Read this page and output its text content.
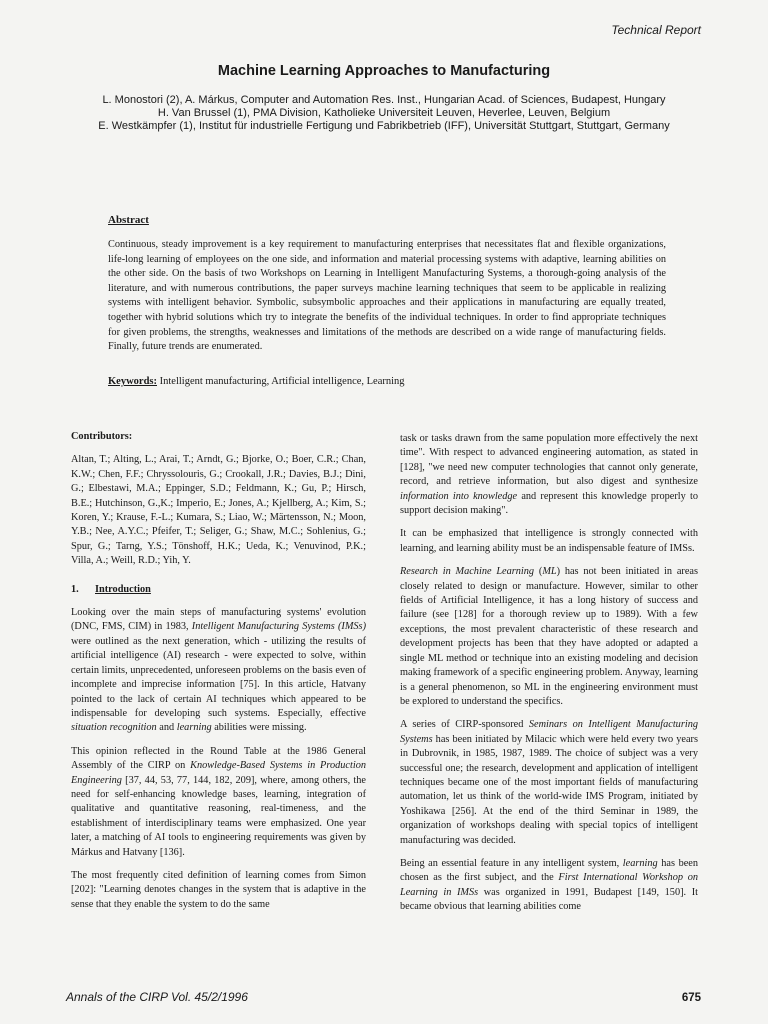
Technical Report
Machine Learning Approaches to Manufacturing
L. Monostori (2), A. Márkus, Computer and Automation Res. Inst., Hungarian Acad. of Sciences, Budapest, Hungary
H. Van Brussel (1), PMA Division, Katholieke Universiteit Leuven, Heverlee, Leuven, Belgium
E. Westkämpfer (1), Institut für industrielle Fertigung und Fabrikbetrieb (IFF), Universität Stuttgart, Stuttgart, Germany
Abstract
Continuous, steady improvement is a key requirement to manufacturing enterprises that necessitates flat and flexible organizations, life-long learning of employees on the one side, and information and material processing systems with adaptive, learning abilities on the other side. On the basis of two Workshops on Learning in Intelligent Manufacturing Systems, a thorough-going analysis of the literature, and with numerous contributions, the paper surveys machine learning techniques that seem to be applicable in realizing systems with intelligent behavior. Symbolic, subsymbolic approaches and their applications in manufacturing are equally treated, together with hybrid solutions which try to integrate the benefits of the individual techniques. In order to find appropriate techniques for given problems, the strengths, weaknesses and limitations of the methods are described on a wide range of manufacturing fields. Finally, future trends are enumerated.
Keywords: Intelligent manufacturing, Artificial intelligence, Learning

Contributors:

Altan, T.; Alting, L.; Arai, T.; Arndt, G.; Bjorke, O.; Boer, C.R.; Chan, K.W.; Chen, F.F.; Chryssolouris, G.; Crookall, J.R.; Davies, B.J.; Dini, G.; Elbestawi, M.A.; Eppinger, S.D.; Feldmann, K.; Gu, P.; Hirsch, B.E.; Hutchinson, G.,K.; Imperio, E.; Jones, A.; Kjellberg, A.; Kim, S.; Koren, Y.; Krause, F.-L.; Kumara, S.; Liao, W.; Märtensson, N.; Moon, Y.B.; Nee, A.Y.C.; Pfeifer, T.; Seliger, G.; Shaw, M.C.; Sohlenius, G.; Spur, G.; Tarng, Y.S.; Tönshoff, H.K.; Ueda, K.; Venuvinod, P.K.; Villa, A.; Weill, R.D.; Yih, Y.

1. Introduction

Looking over the main steps of manufacturing systems' evolution (DNC, FMS, CIM) in 1983, Intelligent Manufacturing Systems (IMSs) were outlined as the next generation, which - utilizing the results of artificial intelligence (AI) research - were expected to solve, within certain limits, unprecedented, unforeseen problems on the basis even of incomplete and imprecise information [75]. In this article, Hatvany pointed to the lack of certain AI techniques which appeared to be indispensable for developing such systems. Especially, effective situation recognition and learning abilities were missing.

This opinion reflected in the Round Table at the 1986 General Assembly of the CIRP on Knowledge-Based Systems in Production Engineering [37, 44, 53, 77, 144, 182, 209], where, among others, the need for self-enhancing knowledge bases, learning, integration of qualitative and quantitative reasoning, real-timeness, and the establishment of interdisciplinary teams were emphasized. One year later, a matching of AI tools to engineering requirements was given by Márkus and Hatvany [136].

The most frequently cited definition of learning comes from Simon [202]: "Learning denotes changes in the system that is adaptive in the sense that they enable the system to do the same

task or tasks drawn from the same population more effectively the next time". With respect to advanced engineering automation, as stated in [128], "we need new computer technologies that cannot only generate, record, and retrieve information, but also digest and synthesize information into knowledge and represent this knowledge properly to support decision making".

It can be emphasized that intelligence is strongly connected with learning, and learning ability must be an indispensable feature of IMSs.

Research in Machine Learning (ML) has not been initiated in areas closely related to design or manufacture. However, similar to other fields of Artificial Intelligence, it has a long history of success and failure (see [128] for a thorough review up to 1989). With a few exceptions, the most prevalent characteristic of these research and development projects has been that they have adopted or adapted a single ML method or technique into an existing modeling and decision making framework of a specific engineering problem. Anyway, learning is a general phenomenon, so ML in the engineering environment must be explored to understand the specifics.

A series of CIRP-sponsored Seminars on Intelligent Manufacturing Systems has been initiated by Milacic which were held every two years in Dubrovnik, in 1985, 1987, 1989. The choice of subject was a very successful one; the research, development and application of intelligent techniques became one of the most important fields of manufacturing automation, let us think of the world-wide IMS Program, initiated by Yoshikawa [256]. At the end of the third Seminar in 1989, the organization of workshops dealing with special topics of intelligent manufacturing was decided.

Being an essential feature in any intelligent system, learning has been chosen as the first subject, and the First International Workshop on Learning in IMSs was organized in 1991, Budapest [149, 150]. It became obvious that learning abilities come

Annals of the CIRP Vol. 45/2/1996	675
